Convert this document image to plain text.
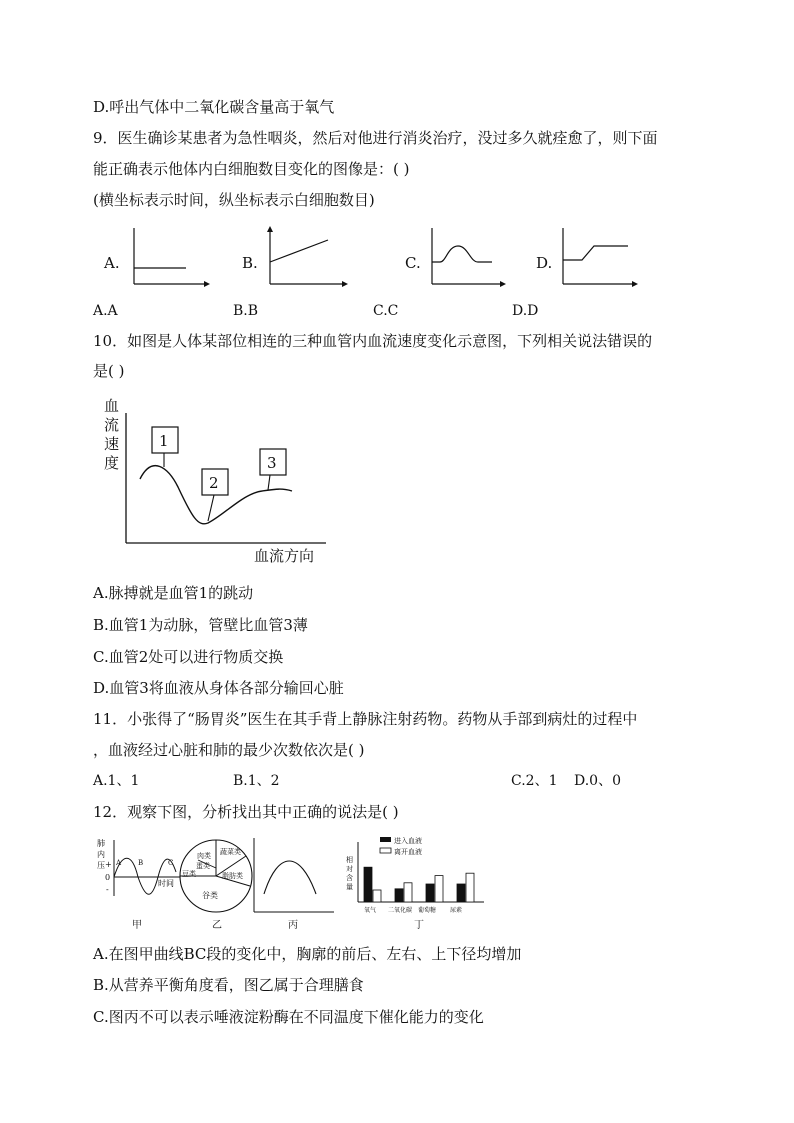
D.呼出气体中二氧化碳含量高于氧气
9．医生确诊某患者为急性咽炎，然后对他进行消炎治疗，没过多久就痊愈了，则下面
能正确表示他体内白细胞数目变化的图像是：( )
(横坐标表示时间，纵坐标表示白细胞数目)
A.	B.	C.	D.
A.A	B.B	C.C	D.D
10．如图是人体某部位相连的三种血管内血流速度变化示意图，下列相关说法错误的
是( )
血
流
速
度
1
2
3
血流方向
A.脉搏就是血管1的跳动
B.血管1为动脉，管壁比血管3薄
C.血管2处可以进行物质交换
D.血管3将血液从身体各部分输回心脏
11．小张得了“肠胃炎”医生在其手背上静脉注射药物。药物从手部到病灶的过程中
，血液经过心脏和肺的最少次数依次是( )
A.1、1	B.1、2	C.2、1 D.0、0
12．观察下图，分析找出其中正确的说法是( )
肺
内
压 +
0
-
A B	C
时间
甲
蔬菜类
肉类
蛋类
豆类	脂肪类
谷类
乙	丙
相
对
含
量
进入血液
离开血液
氧气 二氧化碳 葡萄糖 尿素
丁
A.在图甲曲线BC段的变化中，胸廓的前后、左右、上下径均增加
B.从营养平衡角度看，图乙属于合理膳食
C.图丙不可以表示唾液淀粉酶在不同温度下催化能力的变化
